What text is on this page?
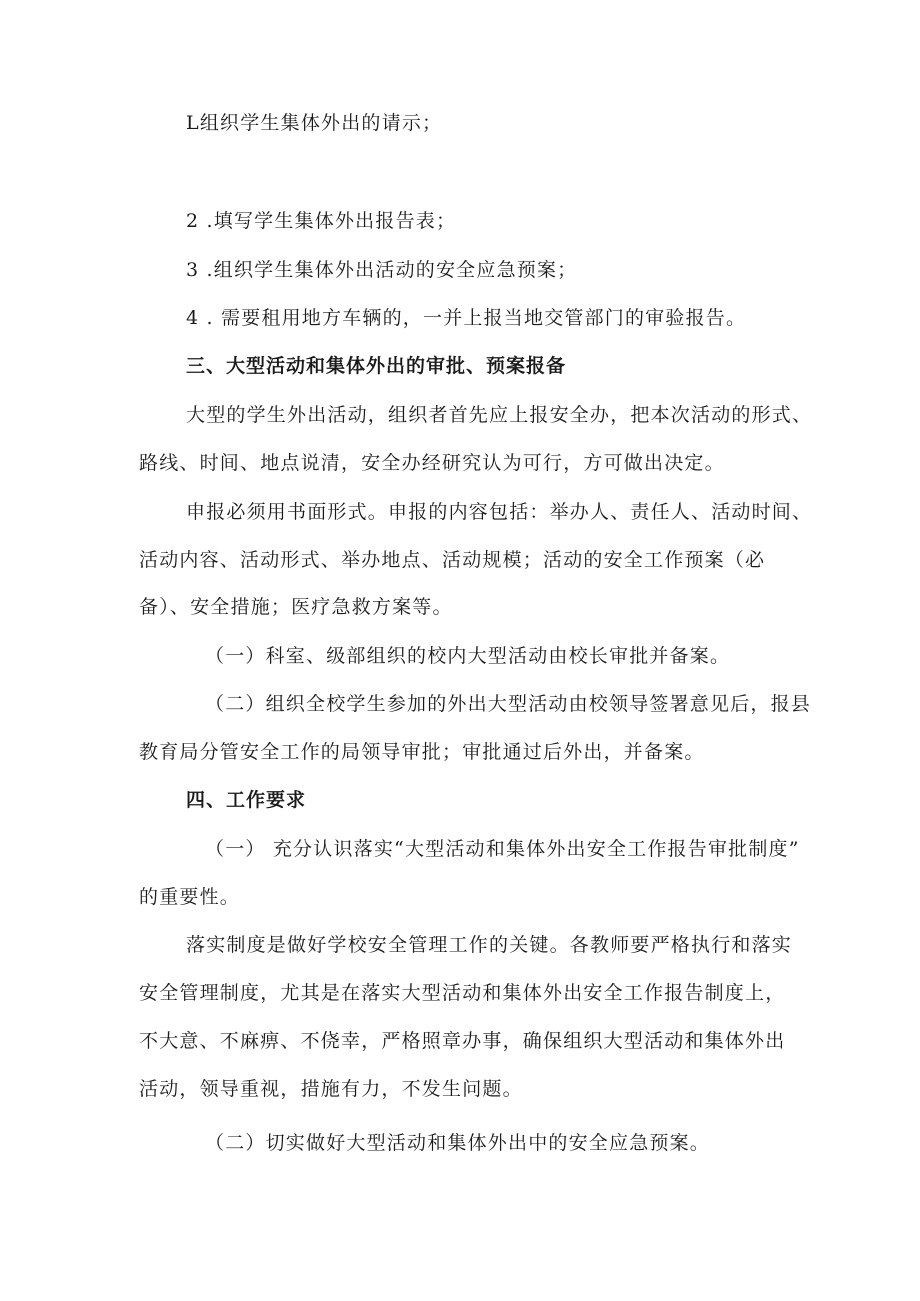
L组织学生集体外出的请示；
2 .填写学生集体外出报告表；
3 .组织学生集体外出活动的安全应急预案；
4 . 需要租用地方车辆的，一并上报当地交管部门的审验报告。
三、大型活动和集体外出的审批、预案报备
大型的学生外出活动，组织者首先应上报安全办，把本次活动的形式、
路线、时间、地点说清，安全办经研究认为可行，方可做出决定。
申报必须用书面形式。申报的内容包括：举办人、责任人、活动时间、
活动内容、活动形式、举办地点、活动规模；活动的安全工作预案（必
备）、安全措施；医疗急救方案等。
（一）科室、级部组织的校内大型活动由校长审批并备案。
（二）组织全校学生参加的外出大型活动由校领导签署意见后，报县
教育局分管安全工作的局领导审批；审批通过后外出，并备案。
四、工作要求
（一） 充分认识落实“大型活动和集体外出安全工作报告审批制度”
的重要性。
落实制度是做好学校安全管理工作的关键。各教师要严格执行和落实
安全管理制度，尤其是在落实大型活动和集体外出安全工作报告制度上，
不大意、不麻痹、不侥幸，严格照章办事，确保组织大型活动和集体外出
活动，领导重视，措施有力，不发生问题。
（二）切实做好大型活动和集体外出中的安全应急预案。
